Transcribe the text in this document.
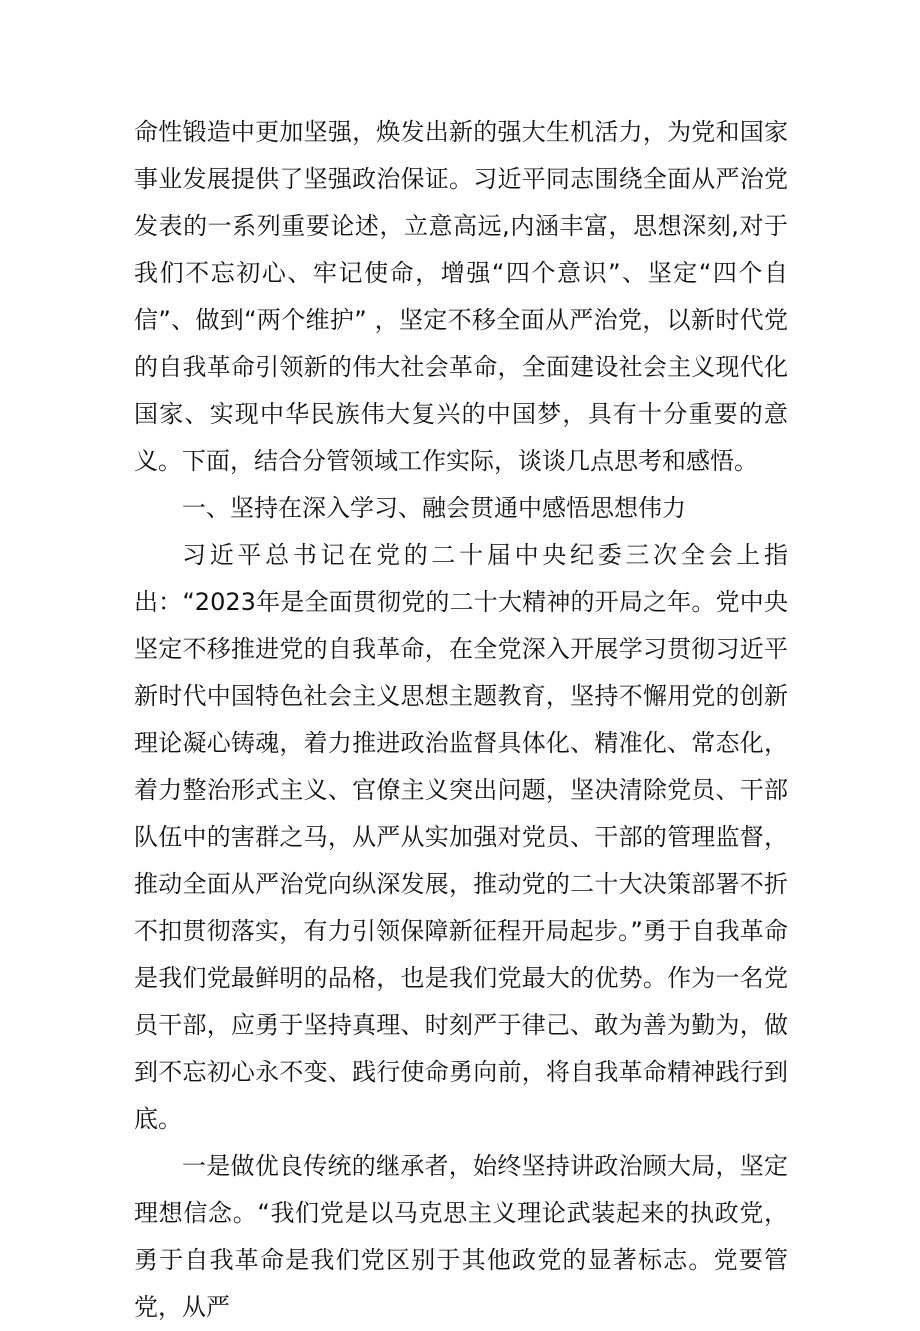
命性锻造中更加坚强，焕发出新的强大生机活力，为党和国家事业发展提供了坚强政治保证。习近平同志围绕全面从严治党发表的一系列重要论述，立意高远,内涵丰富，思想深刻,对于我们不忘初心、牢记使命，增强“四个意识”、坚定“四个自信”、做到“两个维护” ，坚定不移全面从严治党，以新时代党的自我革命引领新的伟大社会革命，全面建设社会主义现代化国家、实现中华民族伟大复兴的中国梦，具有十分重要的意义。下面，结合分管领域工作实际，谈谈几点思考和感悟。

一、坚持在深入学习、融会贯通中感悟思想伟力

习近平总书记在党的二十届中央纪委三次全会上指出：“2023年是全面贯彻党的二十大精神的开局之年。党中央坚定不移推进党的自我革命，在全党深入开展学习贯彻习近平新时代中国特色社会主义思想主题教育，坚持不懈用党的创新理论凝心铸魂，着力推进政治监督具体化、精准化、常态化，着力整治形式主义、官僚主义突出问题，坚决清除党员、干部队伍中的害群之马，从严从实加强对党员、干部的管理监督，推动全面从严治党向纵深发展，推动党的二十大决策部署不折不扣贯彻落实，有力引领保障新征程开局起步。”勇于自我革命是我们党最鲜明的品格，也是我们党最大的优势。作为一名党员干部，应勇于坚持真理、时刻严于律己、敢为善为勤为，做到不忘初心永不变、践行使命勇向前，将自我革命精神践行到底。

一是做优良传统的继承者，始终坚持讲政治顾大局，坚定理想信念。“我们党是以马克思主义理论武装起来的执政党，勇于自我革命是我们党区别于其他政党的显著标志。党要管党，从严
